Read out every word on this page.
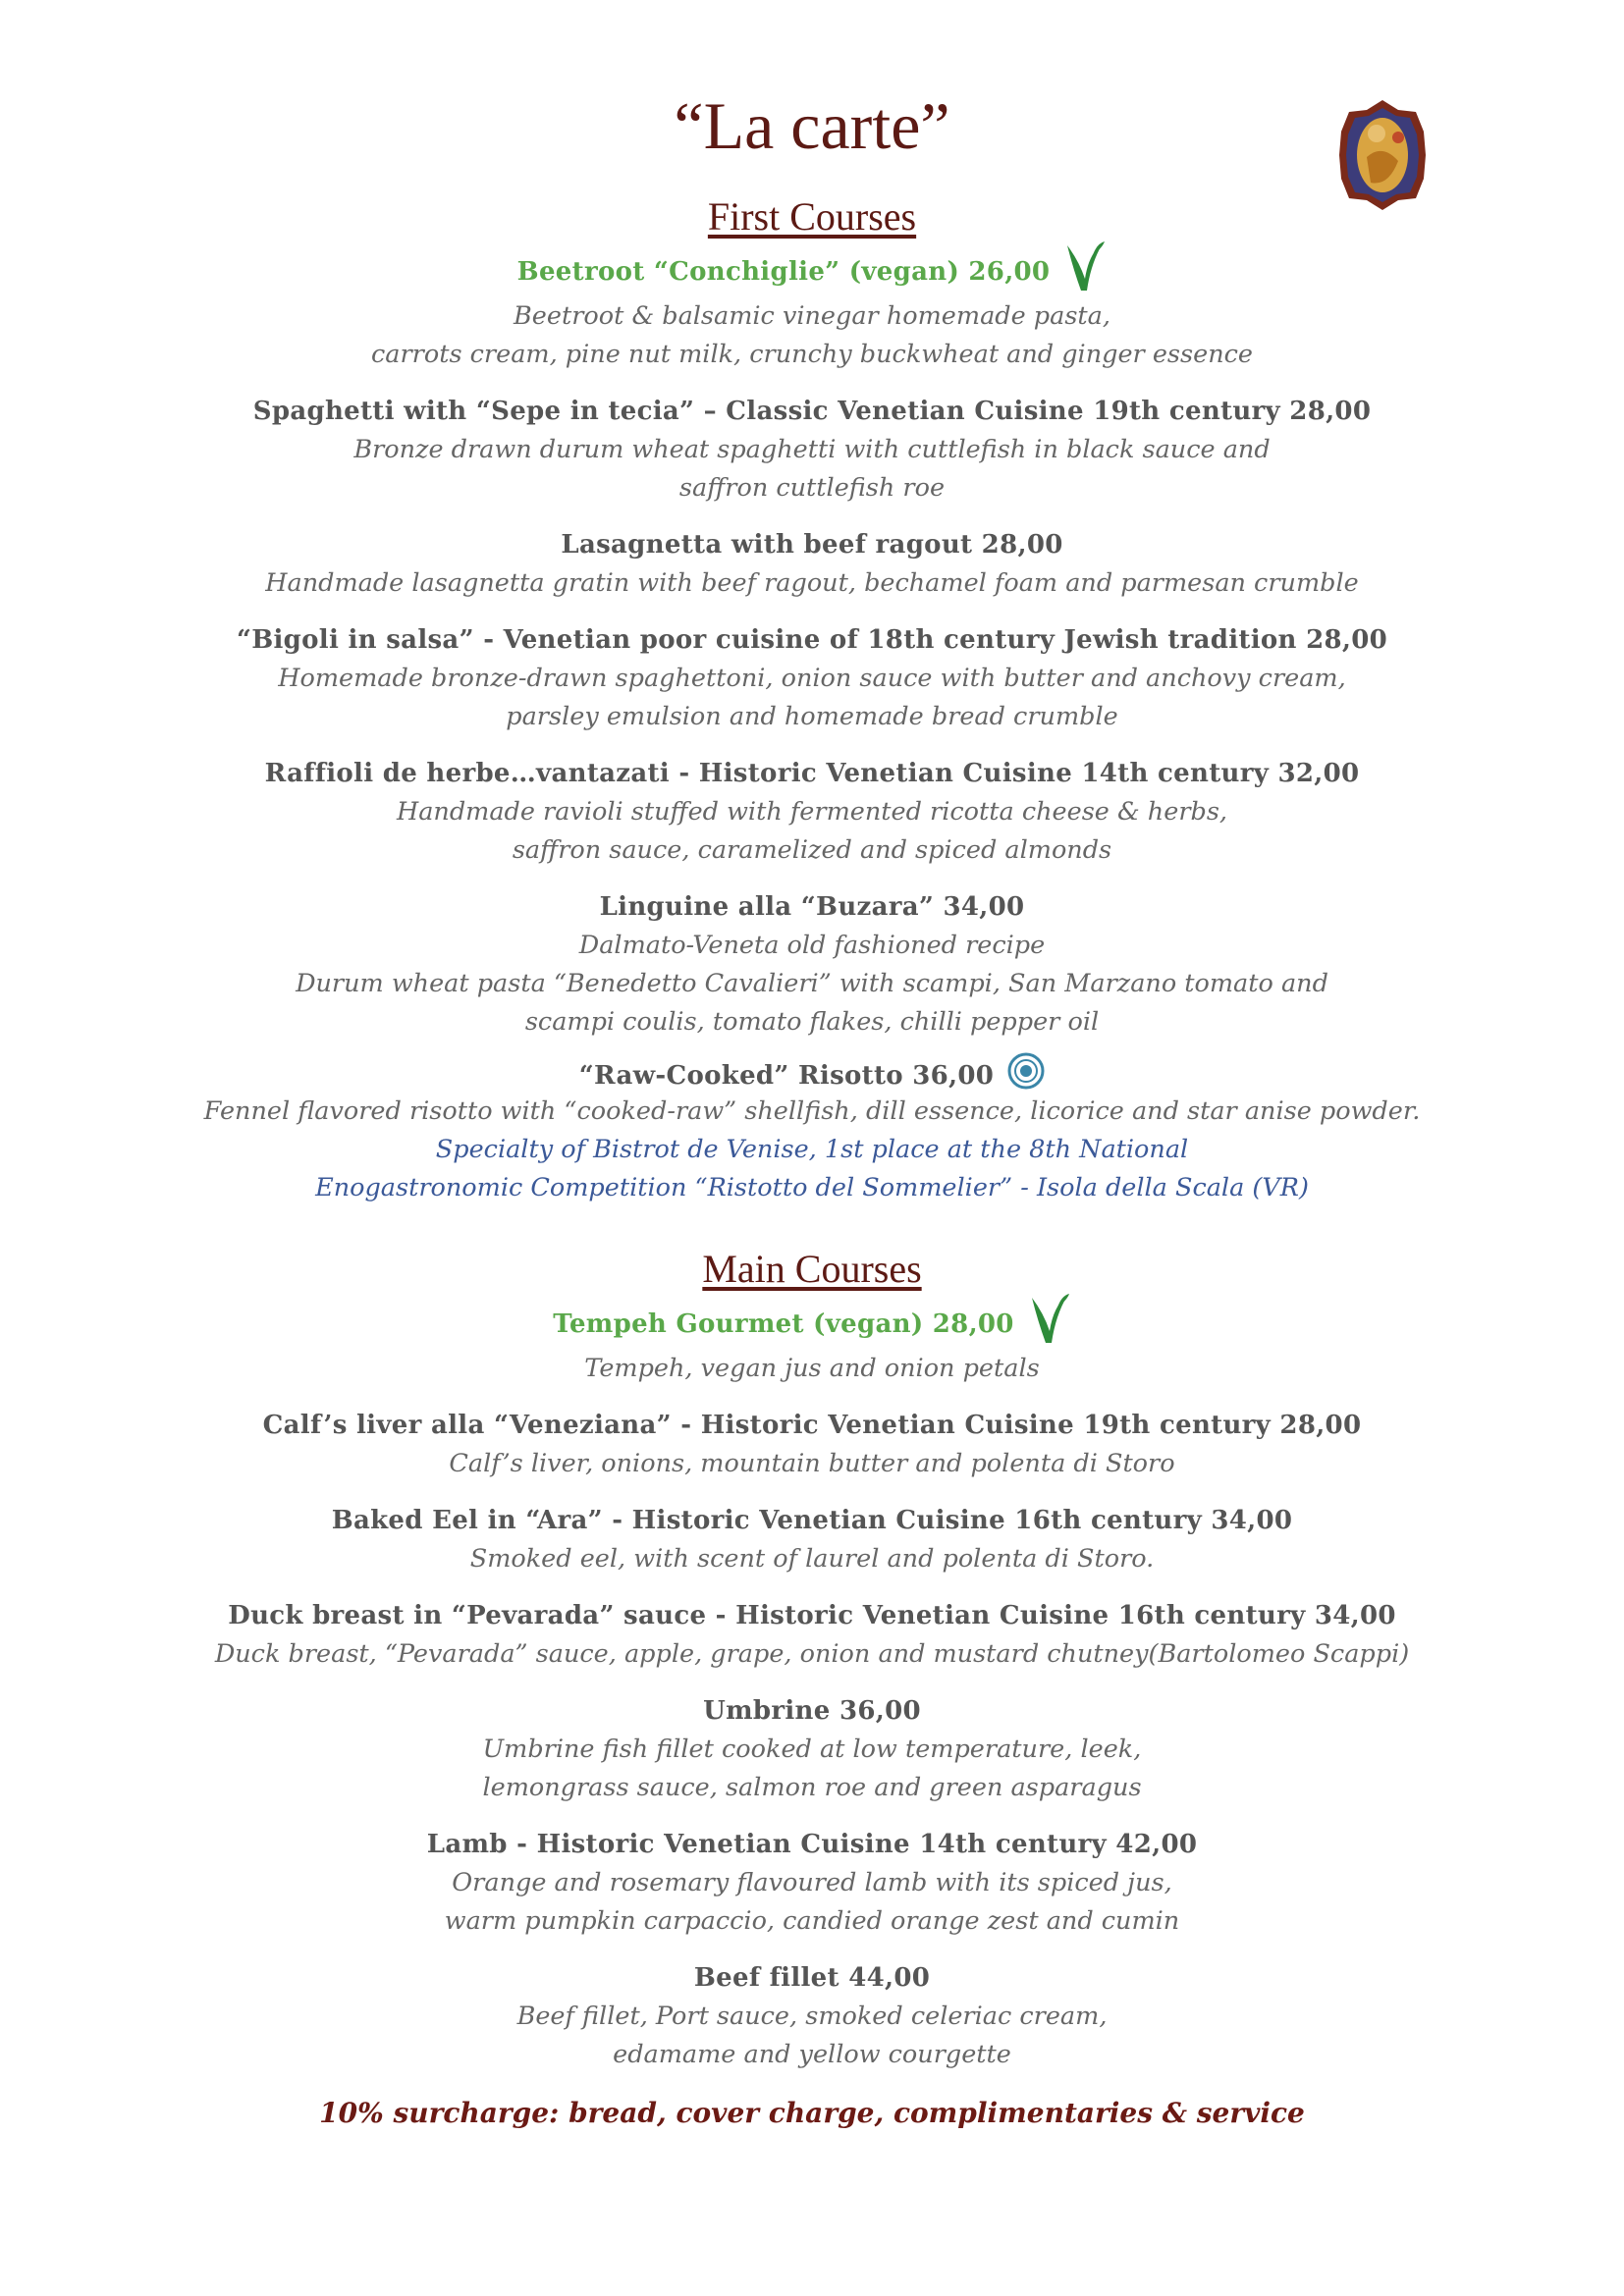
“La carte”
First Courses
Beetroot “Conchiglie” (vegan) 26,00
Beetroot & balsamic vinegar homemade pasta,
carrots cream, pine nut milk, crunchy buckwheat and ginger essence
Spaghetti with “Sepe in tecia” – Classic Venetian Cuisine 19th century 28,00
Bronze drawn durum wheat spaghetti with cuttlefish in black sauce and
saffron cuttlefish roe
Lasagnetta with beef ragout 28,00
Handmade lasagnetta gratin with beef ragout, bechamel foam and parmesan crumble
“Bigoli in salsa” - Venetian poor cuisine of 18th century Jewish tradition 28,00
Homemade bronze-drawn spaghettoni, onion sauce with butter and anchovy cream,
parsley emulsion and homemade bread crumble
Raffioli de herbe…vantazati - Historic Venetian Cuisine 14th century 32,00
Handmade ravioli stuffed with fermented ricotta cheese & herbs,
saffron sauce, caramelized and spiced almonds
Linguine alla “Buzara” 34,00
Dalmato-Veneta old fashioned recipe
Durum wheat pasta “Benedetto Cavalieri” with scampi, San Marzano tomato and
scampi coulis, tomato flakes, chilli pepper oil
“Raw-Cooked” Risotto 36,00
Fennel flavored risotto with “cooked-raw” shellfish, dill essence, licorice and star anise powder.
Specialty of Bistrot de Venise, 1st place at the 8th National
Enogastronomic Competition “Ristotto del Sommelier” - Isola della Scala (VR)
Main Courses
Tempeh Gourmet (vegan) 28,00
Tempeh, vegan jus and onion petals
Calf’s liver alla “Veneziana” - Historic Venetian Cuisine 19th century 28,00
Calf’s liver, onions, mountain butter and polenta di Storo
Baked Eel in “Ara” - Historic Venetian Cuisine 16th century 34,00
Smoked eel, with scent of laurel and polenta di Storo.
Duck breast in “Pevarada” sauce - Historic Venetian Cuisine 16th century 34,00
Duck breast, “Pevarada” sauce, apple, grape, onion and mustard chutney(Bartolomeo Scappi)
Umbrine 36,00
Umbrine fish fillet cooked at low temperature, leek,
lemongrass sauce, salmon roe and green asparagus
Lamb - Historic Venetian Cuisine 14th century 42,00
Orange and rosemary flavoured lamb with its spiced jus,
warm pumpkin carpaccio, candied orange zest and cumin
Beef fillet 44,00
Beef fillet, Port sauce, smoked celeriac cream,
edamame and yellow courgette
10% surcharge: bread, cover charge, complimentaries & service
